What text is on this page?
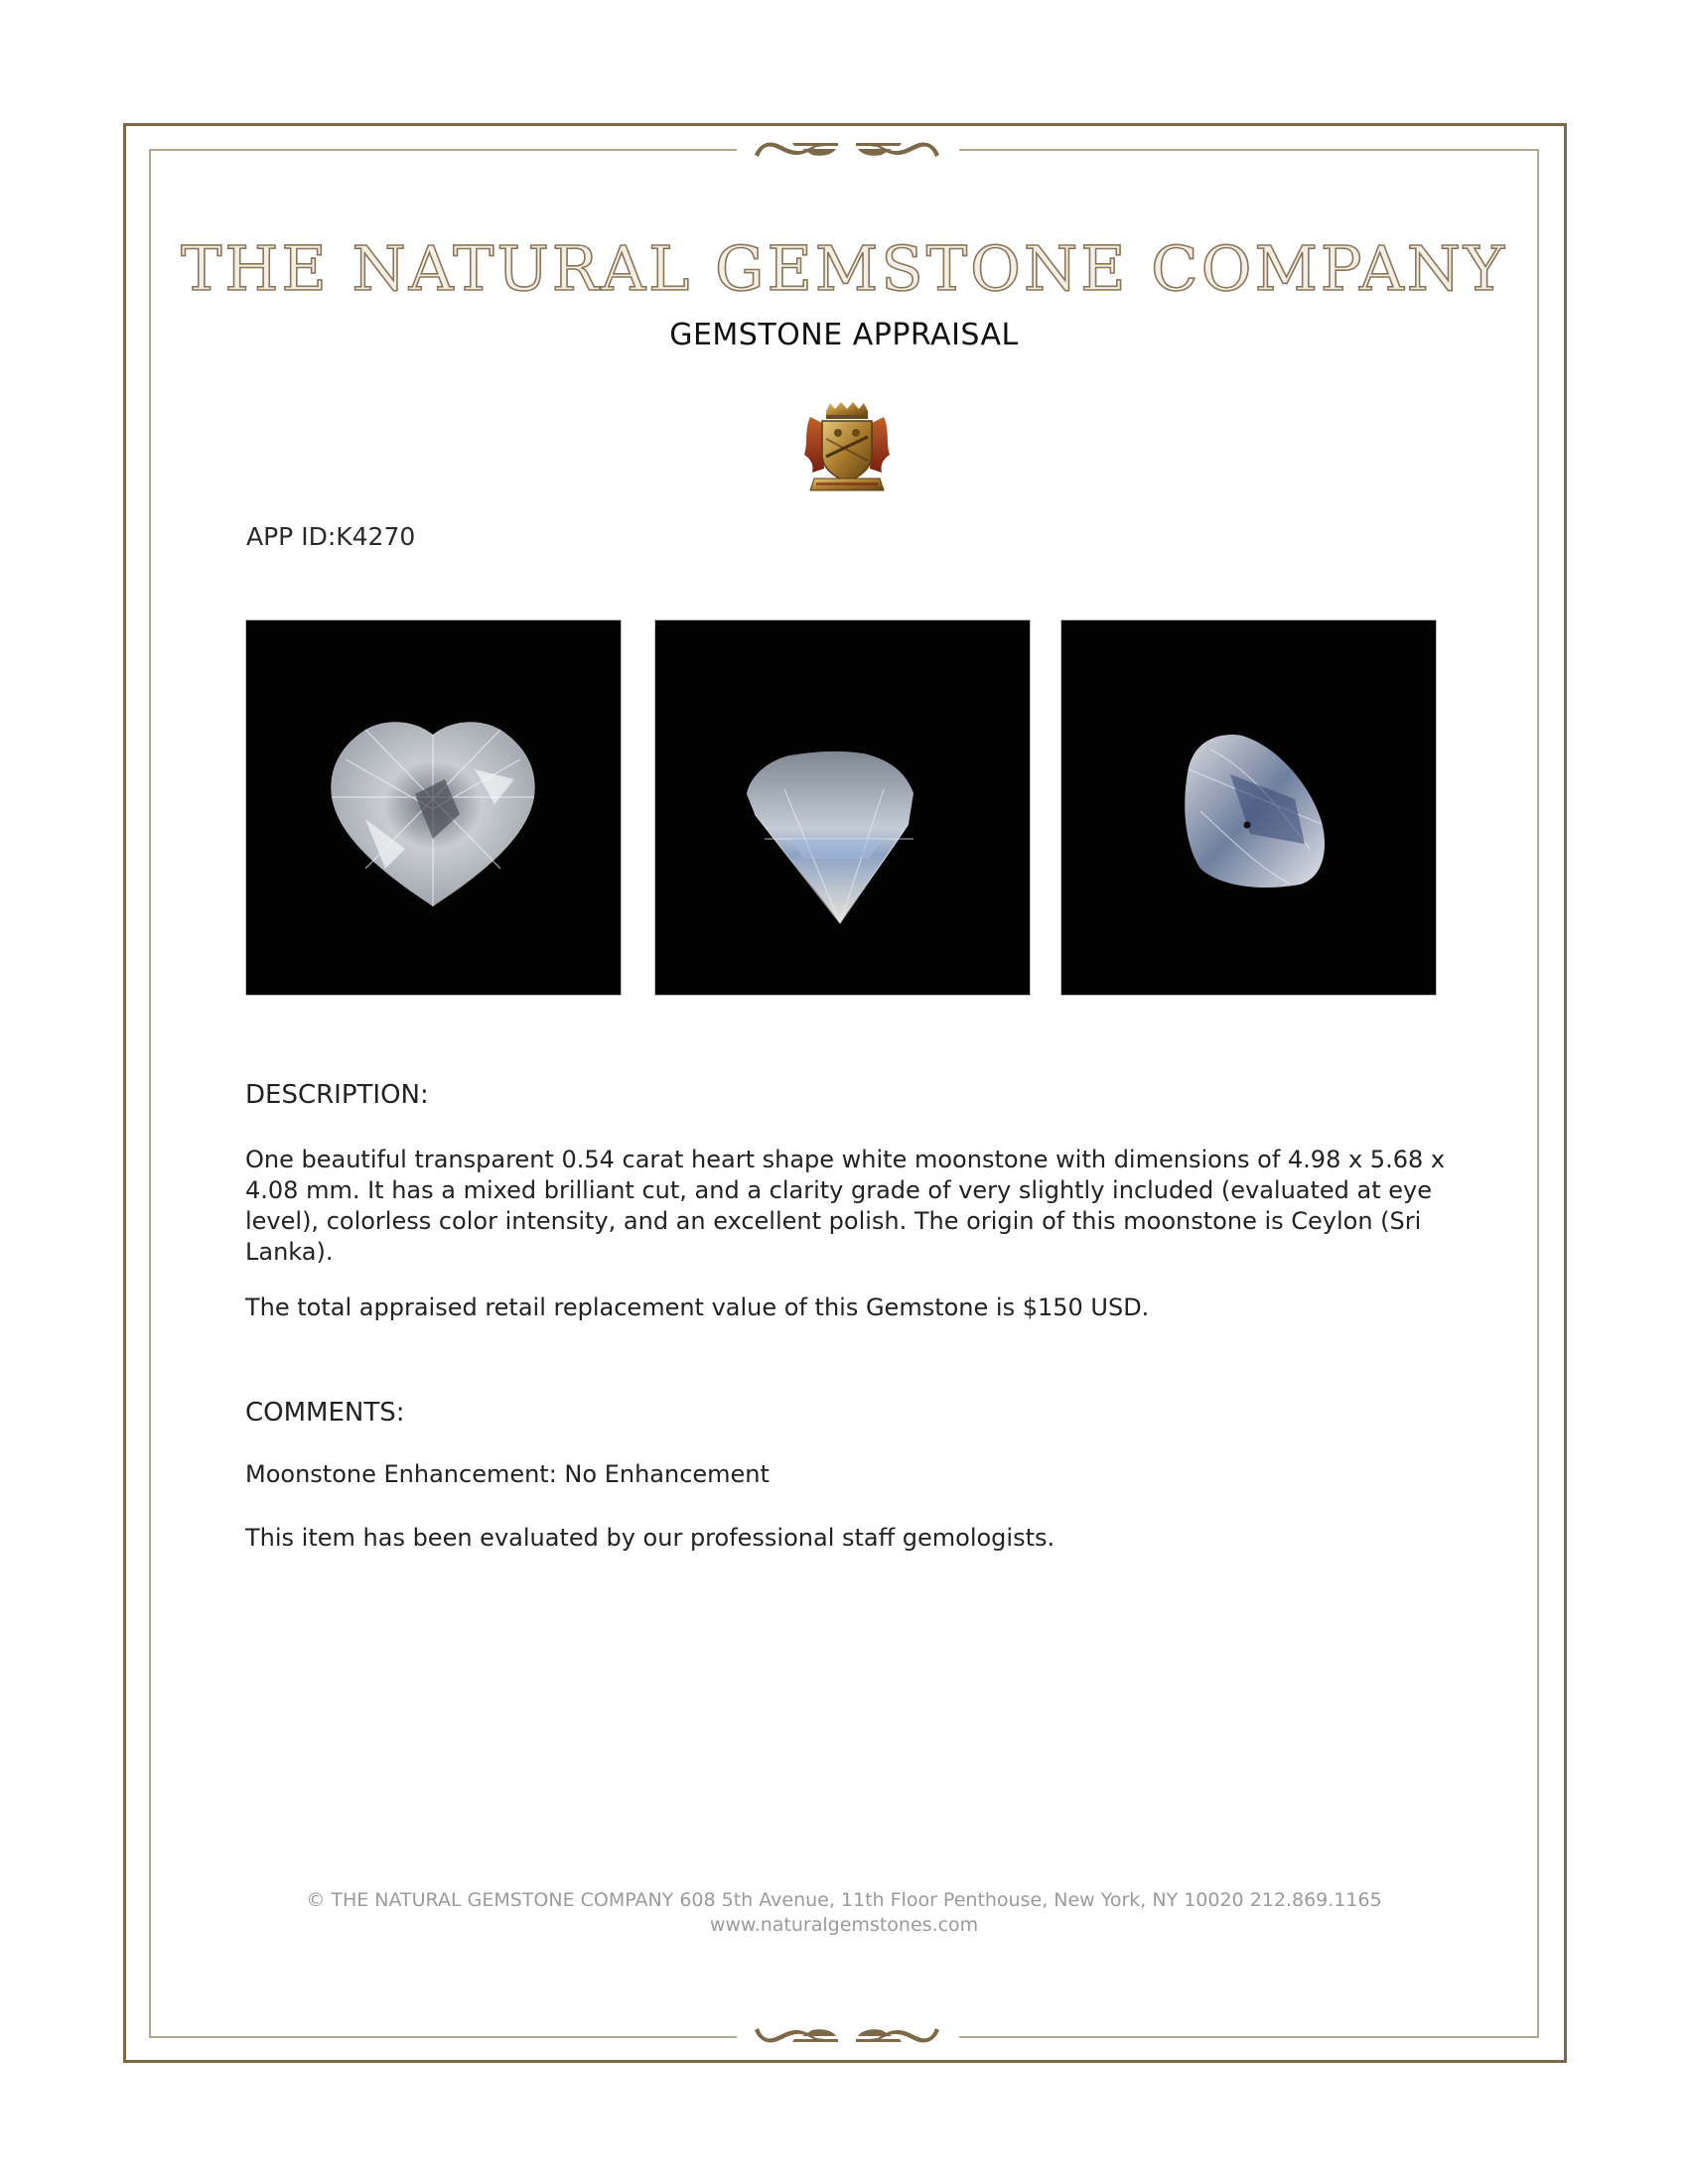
THE NATURAL GEMSTONE COMPANY
GEMSTONE APPRAISAL
APP ID:K4270
DESCRIPTION:
One beautiful transparent 0.54 carat heart shape white moonstone with dimensions of 4.98 x 5.68 x
4.08 mm. It has a mixed brilliant cut, and a clarity grade of very slightly included (evaluated at eye
level), colorless color intensity, and an excellent polish. The origin of this moonstone is Ceylon (Sri
Lanka).
The total appraised retail replacement value of this Gemstone is $150 USD.
COMMENTS:
Moonstone Enhancement: No Enhancement
This item has been evaluated by our professional staff gemologists.
© THE NATURAL GEMSTONE COMPANY 608 5th Avenue, 11th Floor Penthouse, New York, NY 10020 212.869.1165
www.naturalgemstones.com
